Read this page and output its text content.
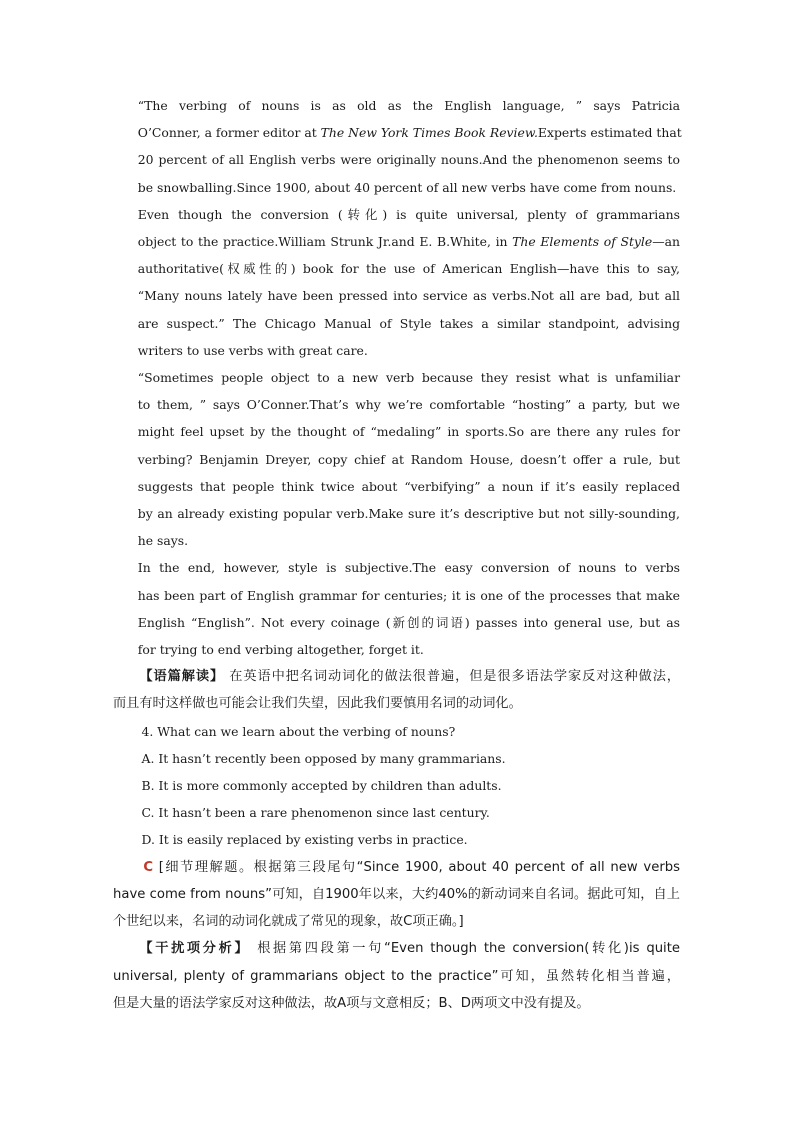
“The verbing of nouns is as old as the English language, ” says Patricia
O’Conner, a former editor at The New York Times Book Review.Experts estimated that
20 percent of all English verbs were originally nouns.And the phenomenon seems to
be snowballing.Since 1900, about 40 percent of all new verbs have come from nouns.

Even though the conversion (转化) is quite universal, plenty of grammarians
object to the practice.William Strunk Jr.and E. B.White, in The Elements of Style—an
authoritative(权威性的) book for the use of American English—have this to say,
“Many nouns lately have been pressed into service as verbs.Not all are bad, but all
are suspect.” The Chicago Manual of Style takes a similar standpoint, advising
writers to use verbs with great care.

“Sometimes people object to a new verb because they resist what is unfamiliar
to them, ” says O’Conner.That’s why we’re comfortable “hosting” a party, but we
might feel upset by the thought of “medaling” in sports.So are there any rules for
verbing? Benjamin Dreyer, copy chief at Random House, doesn’t offer a rule, but
suggests that people think twice about “verbifying” a noun if it’s easily replaced
by an already existing popular verb.Make sure it’s descriptive but not silly-sounding,
he says.

In the end, however, style is subjective.The easy conversion of nouns to verbs
has been part of English grammar for centuries; it is one of the processes that make
English “English”. Not every coinage (新创的词语) passes into general use, but as
for trying to end verbing altogether, forget it.

【语篇解读】 在英语中把名词动词化的做法很普遍，但是很多语法学家反对这种做法，
而且有时这样做也可能会让我们失望，因此我们要慎用名词的动词化。

4. What can we learn about the verbing of nouns?

A. It hasn’t recently been opposed by many grammarians.

B. It is more commonly accepted by children than adults.

C. It hasn’t been a rare phenomenon since last century.

D. It is easily replaced by existing verbs in practice.

C [细节理解题。根据第三段尾句“Since 1900, about 40 percent of all new verbs
have come from nouns”可知，自1900年以来，大约40%的新动词来自名词。据此可知，自上
个世纪以来，名词的动词化就成了常见的现象，故C项正确。]

【干扰项分析】 根据第四段第一句“Even though the conversion(转化)is quite
universal, plenty of grammarians object to the practice”可知，虽然转化相当普遍，
但是大量的语法学家反对这种做法，故A项与文意相反；B、D两项文中没有提及。
